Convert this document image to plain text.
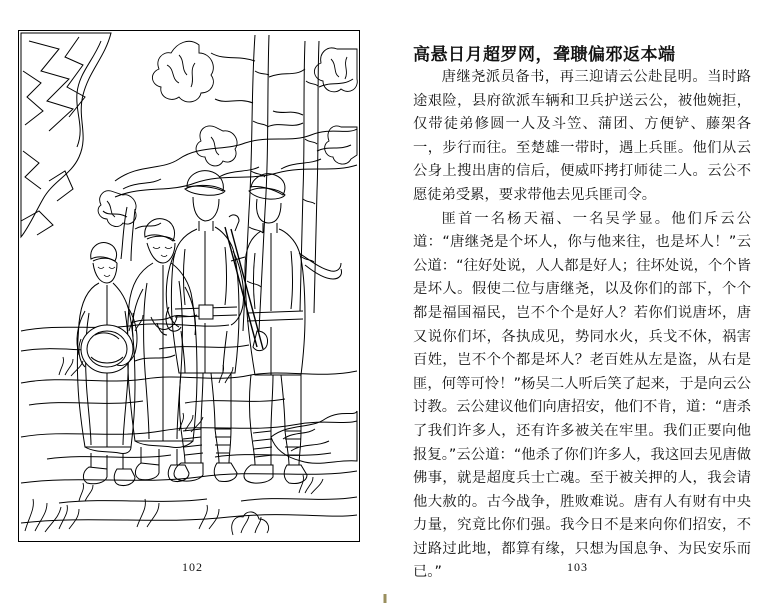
102
高悬日月超罗网，聋聩偏邪返本端

唐继尧派员备书，再三迎请云公赴昆明。当时路途艰险，县府欲派车辆和卫兵护送云公，被他婉拒，仅带徒弟修圆一人及斗笠、蒲团、方便铲、藤架各一，步行而往。至楚雄一带时，遇上兵匪。他们从云公身上搜出唐的信后，便威吓拷打师徒二人。云公不愿徒弟受累，要求带他去见兵匪司令。

匪首一名杨天福、一名吴学显。他们斥云公道：“唐继尧是个坏人，你与他来往，也是坏人！”云公道：“往好处说，人人都是好人；往坏处说，个个皆是坏人。假使二位与唐继尧，以及你们的部下，个个都是福国福民，岂不个个是好人？若你们说唐坏，唐又说你们坏，各执成见，势同水火，兵戈不休，祸害百姓，岂不个个都是坏人？老百姓从左是盗，从右是匪，何等可怜！”杨吴二人听后笑了起来，于是向云公讨教。云公建议他们向唐招安，他们不肯，道：“唐杀了我们许多人，还有许多被关在牢里。我们正要向他报复。”云公道：“他杀了你们许多人，我这回去见唐做佛事，就是超度兵士亡魂。至于被关押的人，我会请他大赦的。古今战争，胜败难说。唐有人有财有中央力量，究竟比你们强。我今日不是来向你们招安，不过路过此地，都算有缘，只想为国息争、为民安乐而已。”	103
